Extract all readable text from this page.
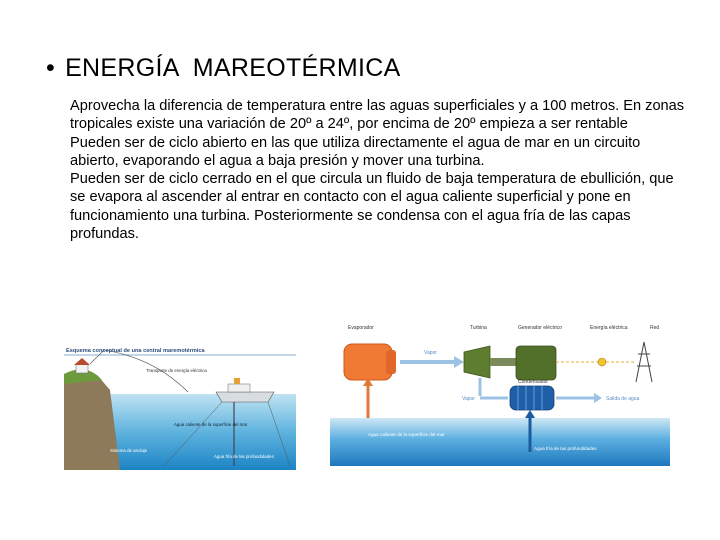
• ENERGÍA  MAREOTÉRMICA

Aprovecha la diferencia de temperatura entre las aguas superficiales y a 100 metros. En zonas tropicales existe una variación de 20º a 24º, por encima de 20º empieza a ser rentable

Pueden ser de ciclo abierto en las que utiliza directamente el agua de mar en un circuito abierto, evaporando el agua a baja presión y mover una turbina.

Pueden ser de ciclo cerrado en el que circula un fluido de baja temperatura de ebullición, que se evapora al ascender al entrar en contacto con el agua caliente superficial y pone en funcionamiento una turbina. Posteriormente se condensa con el agua fría de las capas profundas.

Esquema conceptual de una central maremotérmica
Transporte de energía eléctrica
Agua caliente de la superficie del mar
Sistema de anclaje
Agua fría de las profundidades
Evaporador	Turbina	Generador eléctrico	Energía eléctrica	Red
Vapor
Condensador
Vapor	Salida de agua
Agua caliente de la superficie del mar
Agua fría de las profundidades
